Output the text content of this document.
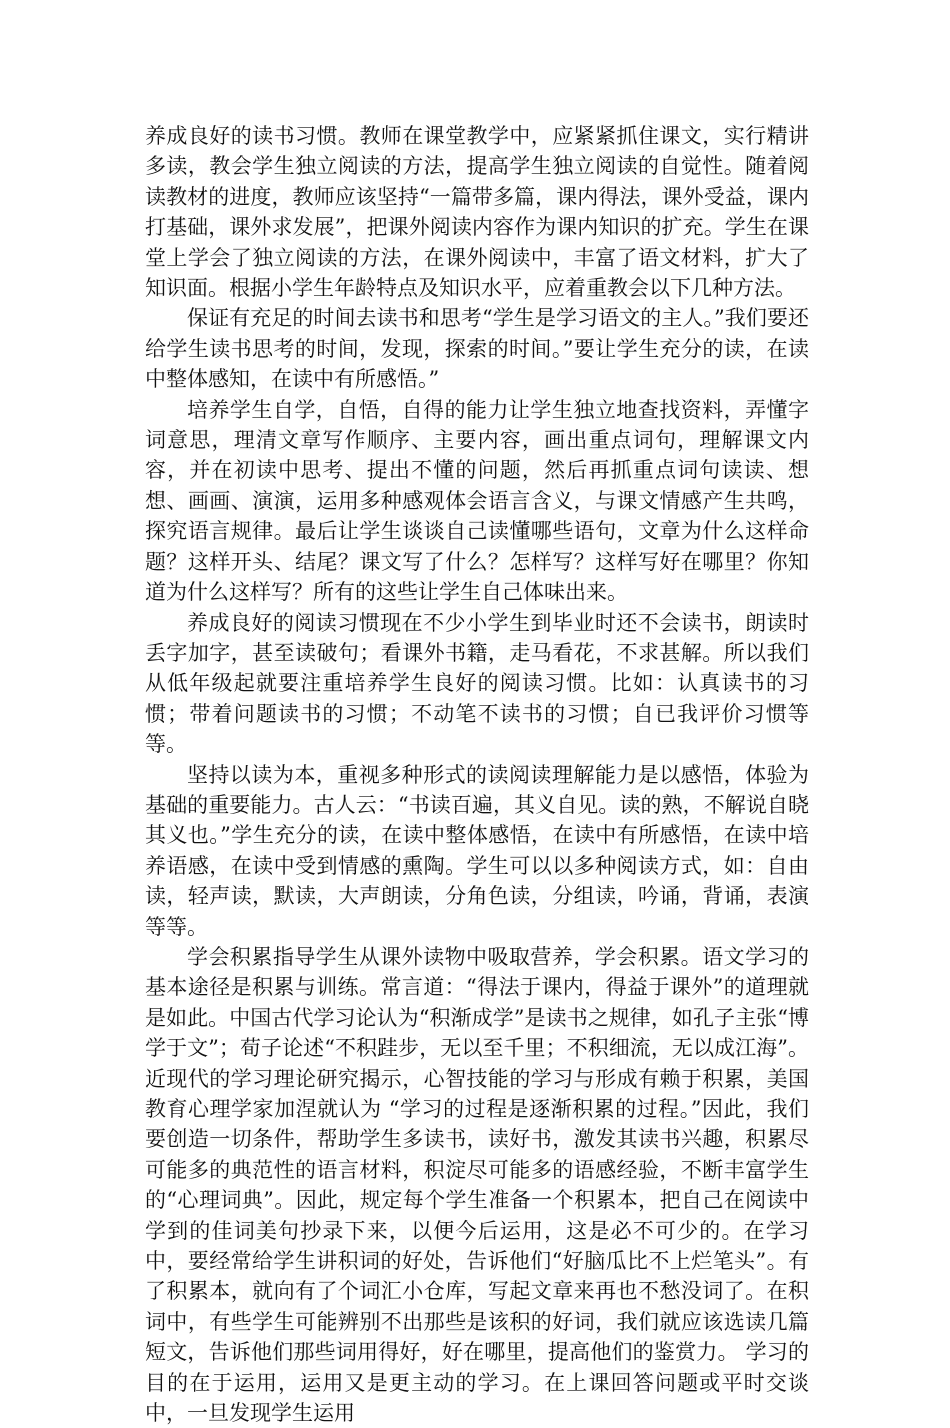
养成良好的读书习惯。教师在课堂教学中，应紧紧抓住课文，实行精讲多读，教会学生独立阅读的方法，提高学生独立阅读的自觉性。随着阅读教材的进度，教师应该坚持“一篇带多篇，课内得法，课外受益，课内打基础，课外求发展”，把课外阅读内容作为课内知识的扩充。学生在课堂上学会了独立阅读的方法，在课外阅读中，丰富了语文材料，扩大了知识面。根据小学生年龄特点及知识水平，应着重教会以下几种方法。

保证有充足的时间去读书和思考“学生是学习语文的主人。”我们要还给学生读书思考的时间，发现，探索的时间。”要让学生充分的读，在读中整体感知，在读中有所感悟。”

培养学生自学，自悟，自得的能力让学生独立地查找资料，弄懂字词意思，理清文章写作顺序、主要内容，画出重点词句，理解课文内容，并在初读中思考、提出不懂的问题，然后再抓重点词句读读、想想、画画、演演，运用多种感观体会语言含义，与课文情感产生共鸣，探究语言规律。最后让学生谈谈自己读懂哪些语句，文章为什么这样命题？这样开头、结尾？课文写了什么？怎样写？这样写好在哪里？你知道为什么这样写？所有的这些让学生自己体味出来。

养成良好的阅读习惯现在不少小学生到毕业时还不会读书，朗读时丢字加字，甚至读破句；看课外书籍，走马看花，不求甚解。所以我们从低年级起就要注重培养学生良好的阅读习惯。比如：认真读书的习惯；带着问题读书的习惯；不动笔不读书的习惯；自已我评价习惯等等。

坚持以读为本，重视多种形式的读阅读理解能力是以感悟，体验为基础的重要能力。古人云：“书读百遍，其义自见。读的熟，不解说自晓其义也。”学生充分的读，在读中整体感悟，在读中有所感悟，在读中培养语感，在读中受到情感的熏陶。学生可以以多种阅读方式，如：自由读，轻声读，默读，大声朗读，分角色读，分组读，吟诵，背诵，表演等等。

学会积累指导学生从课外读物中吸取营养，学会积累。语文学习的基本途径是积累与训练。常言道：“得法于课内，得益于课外”的道理就是如此。中国古代学习论认为“积渐成学”是读书之规律，如孔子主张“博学于文”；荀子论述“不积跬步，无以至千里；不积细流，无以成江海”。近现代的学习理论研究揭示，心智技能的学习与形成有赖于积累，美国教育心理学家加涅就认为 “学习的过程是逐渐积累的过程。”因此，我们要创造一切条件，帮助学生多读书，读好书，激发其读书兴趣，积累尽可能多的典范性的语言材料，积淀尽可能多的语感经验，不断丰富学生的“心理词典”。因此，规定每个学生准备一个积累本，把自己在阅读中学到的佳词美句抄录下来，以便今后运用，这是必不可少的。在学习中，要经常给学生讲积词的好处，告诉他们“好脑瓜比不上烂笔头”。有了积累本，就向有了个词汇小仓库，写起文章来再也不愁没词了。在积词中，有些学生可能辨别不出那些是该积的好词，我们就应该选读几篇短文，告诉他们那些词用得好，好在哪里，提高他们的鉴赏力。 学习的目的在于运用，运用又是更主动的学习。在上课回答问题或平时交谈中，一旦发现学生运用
